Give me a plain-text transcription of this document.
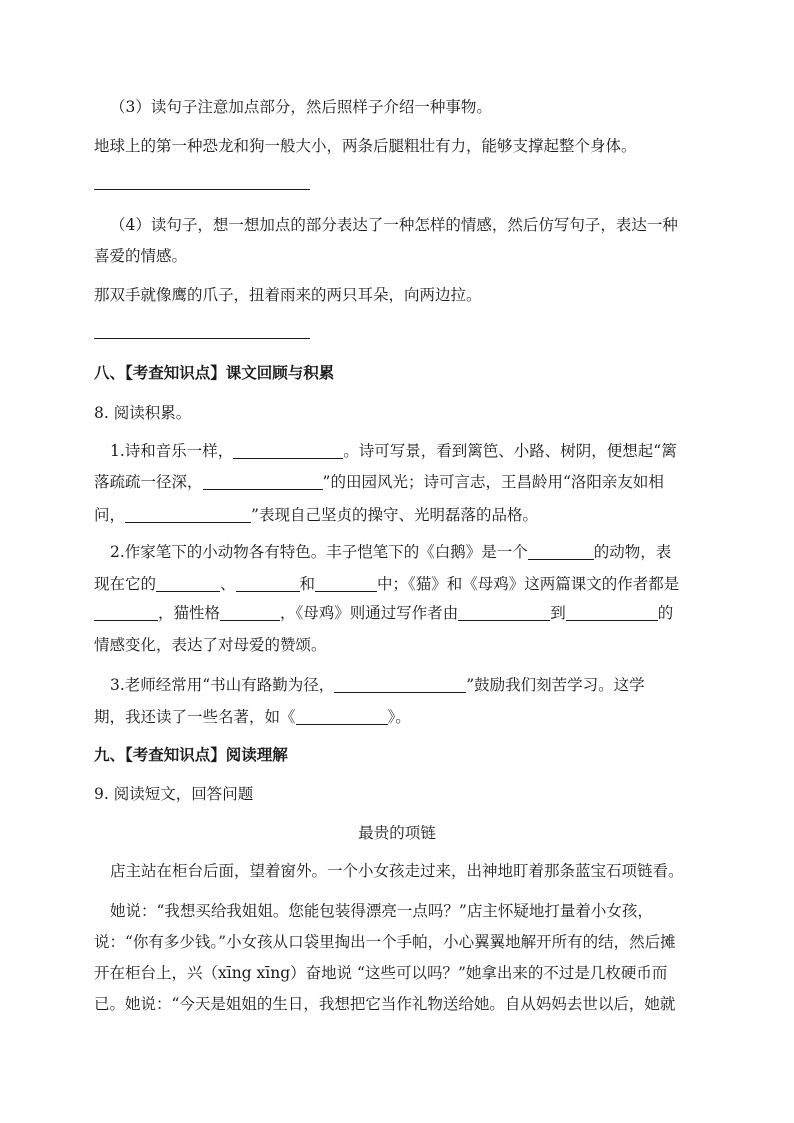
（3）读句子注意加点部分，然后照样子介绍一种事物。
地球上的第一种恐龙和狗一般大小，两条后腿粗壮有力，能够支撑起整个身体。
（4）读句子，想一想加点的部分表达了一种怎样的情感，然后仿写句子，表达一种
喜爱的情感。
那双手就像鹰的爪子，扭着雨来的两只耳朵，向两边拉。
八、【考查知识点】课文回顾与积累
8. 阅读积累。
1.诗和音乐一样，	。诗可写景，看到篱笆、小路、树阴，便想起“篱
落疏疏一径深，	”的田园风光；诗可言志，王昌龄用“洛阳亲友如相
问，	”表现自己坚贞的操守、光明磊落的品格。
2.作家笔下的小动物各有特色。丰子恺笔下的《白鹅》是一个	的动物，表
现在它的	、	和	中；《猫》和《母鸡》这两篇课文的作者都是
，猫性格	，《母鸡》则通过写作者由	到	的
情感变化，表达了对母爱的赞颂。
3.老师经常用“书山有路勤为径，	”鼓励我们刻苦学习。这学
期，我还读了一些名著，如《	》。
九、【考查知识点】阅读理解
9. 阅读短文，回答问题
最贵的项链
店主站在柜台后面，望着窗外。一个小女孩走过来，出神地盯着那条蓝宝石项链看。
她说：“我想买给我姐姐。您能包装得漂亮一点吗？”店主怀疑地打量着小女孩，
说：“你有多少钱。”小女孩从口袋里掏出一个手帕，小心翼翼地解开所有的结，然后摊
开在柜台上，兴（xīng xīng）奋地说 “这些可以吗？”她拿出来的不过是几枚硬币而
已。她说：“今天是姐姐的生日，我想把它当作礼物送给她。自从妈妈去世以后，她就
